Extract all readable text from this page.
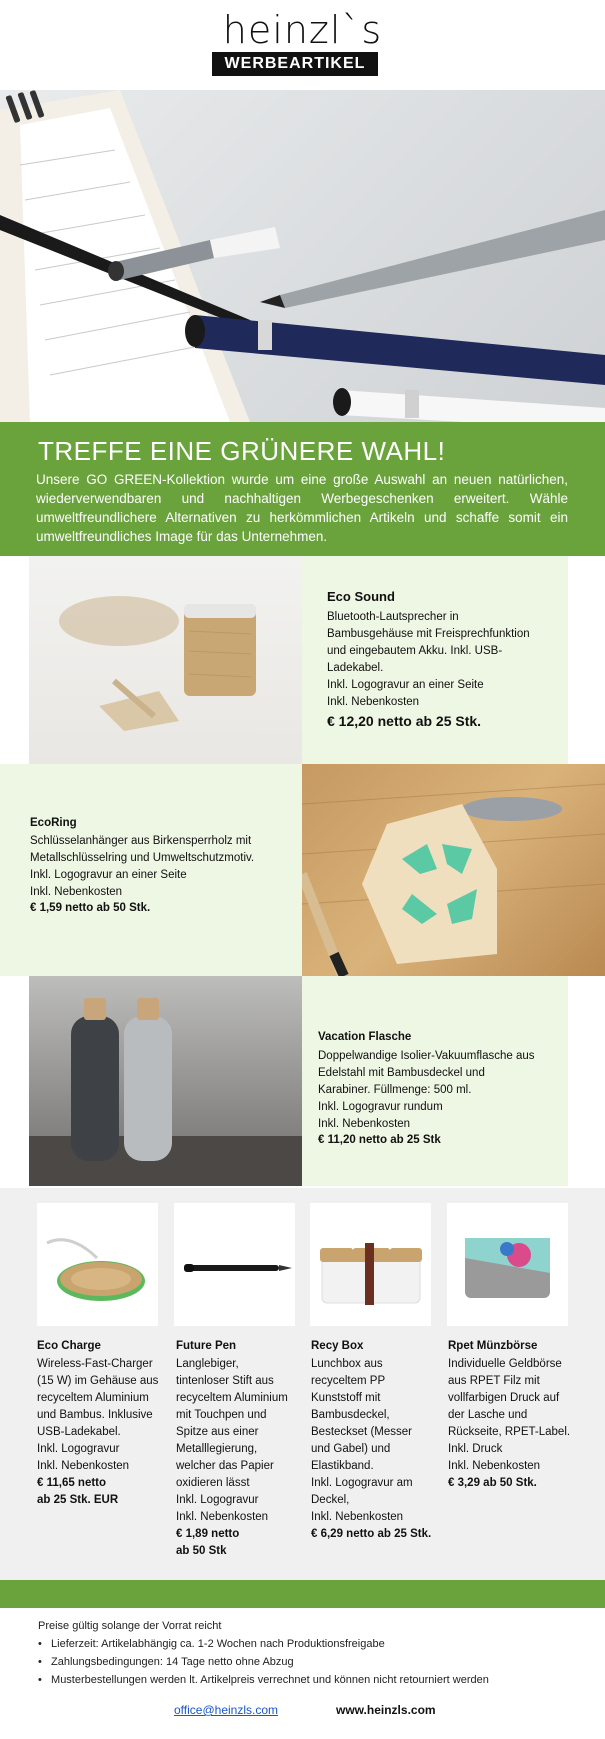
heinzl`s
WERBEARTIKEL
TREFFE EINE GRÜNERE WAHL!
Unsere GO GREEN-Kollektion wurde um eine große Auswahl an neuen natürlichen, wiederverwendbaren und nachhaltigen Werbegeschenken erweitert. Wähle umweltfreundlichere Alternativen zu herkömmlichen Artikeln und schaffe somit ein umweltfreundliches Image für das Unternehmen.
Eco Sound
Bluetooth-Lautsprecher in
Bambusgehäuse mit Freisprechfunktion
und eingebautem Akku. Inkl. USB-
Ladekabel.
Inkl. Logogravur an einer Seite
Inkl. Nebenkosten
€ 12,20 netto ab 25 Stk.
EcoRing
Schlüsselanhänger aus Birkensperrholz mit
Metallschlüsselring und Umweltschutzmotiv.
Inkl. Logogravur an einer Seite
Inkl. Nebenkosten
€ 1,59 netto ab 50 Stk.
Vacation Flasche
Doppelwandige Isolier-Vakuumflasche aus
Edelstahl mit Bambusdeckel und
Karabiner. Füllmenge: 500 ml.
Inkl. Logogravur rundum
Inkl. Nebenkosten
€ 11,20 netto ab 25 Stk
Eco Charge
Wireless-Fast-Charger
(15 W) im Gehäuse aus
recyceltem Aluminium
und Bambus. Inklusive
USB-Ladekabel.
Inkl. Logogravur
Inkl. Nebenkosten
€ 11,65 netto
ab 25 Stk. EUR
Future Pen
Langlebiger,
tintenloser Stift aus
recyceltem Aluminium
mit Touchpen und
Spitze aus einer
Metalllegierung,
welcher das Papier
oxidieren lässt
Inkl. Logogravur
Inkl. Nebenkosten
€ 1,89 netto
ab 50 Stk
Recy Box
Lunchbox aus
recyceltem PP
Kunststoff mit
Bambusdeckel,
Besteckset (Messer
und Gabel) und
Elastikband.
Inkl. Logogravur am
Deckel,
Inkl. Nebenkosten
€ 6,29 netto ab 25 Stk.
Rpet Münzbörse
Individuelle Geldbörse
aus RPET Filz mit
vollfarbigen Druck auf
der Lasche und
Rückseite, RPET-Label.
Inkl. Druck
Inkl. Nebenkosten
€ 3,29 ab 50 Stk.
Preise gültig solange der Vorrat reicht
• Lieferzeit: Artikelabhängig ca. 1-2 Wochen nach Produktionsfreigabe
• Zahlungsbedingungen: 14 Tage netto ohne Abzug
• Musterbestellungen werden lt. Artikelpreis verrechnet und können nicht retourniert werden
office@heinzls.com	www.heinzls.com
